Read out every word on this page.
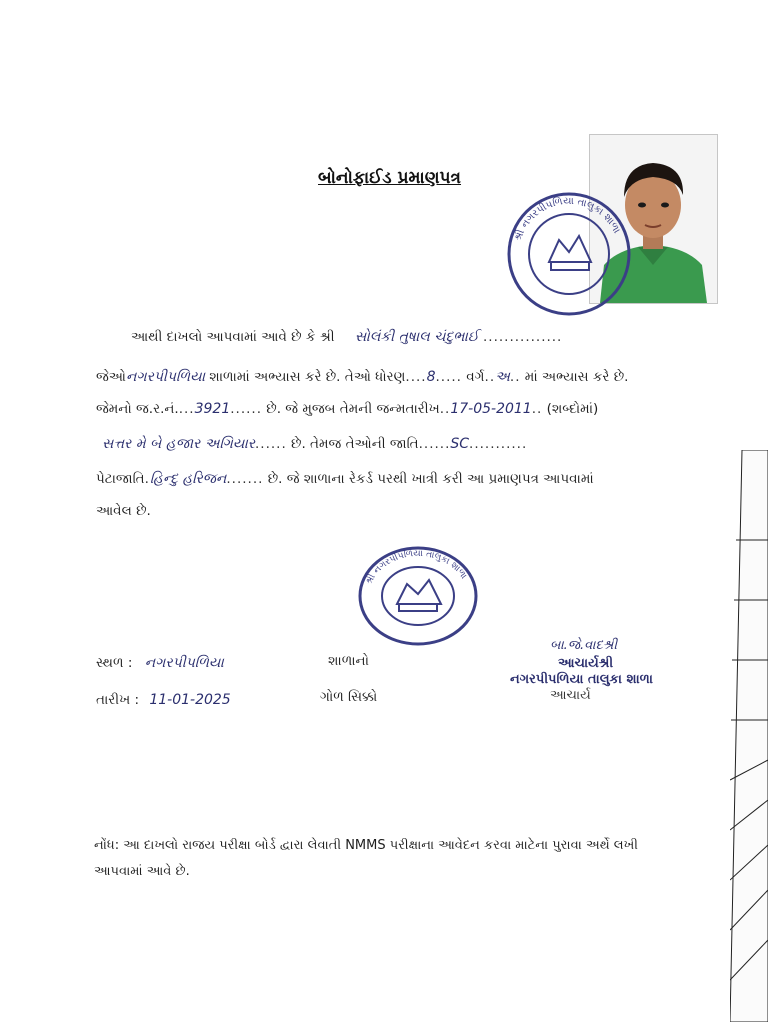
બોનોફાઈડ પ્રમાણપત્ર
શ્રી નગરપીપળિયા તાલુકા શાળા
આથી દાખલો આપવામાં આવે છે કે શ્રી સોલંકી તુષાલ ચંદુભાઈ ...............
જેઓનગરપીપળિયા શાળામાં અભ્યાસ કરે છે. તેઓ ધોરણ....8..... વર્ગ..અ.. માં અભ્યાસ કરે છે.
જેમનો જ.ર.નં....3921...... છે. જે મુજબ તેમની જન્મતારીખ..17-05-2011.. (શબ્દોમાં)
સત્તર મે બે હજાર અગિયાર...... છે. તેમજ તેઓની જાતિ......SC...........
પેટાજાતિ.હિન્દુ હરિજન....... છે. જે શાળાના રેકર્ડ પરથી ખાત્રી કરી આ પ્રમાણપત્ર આપવામાં
આવેલ છે.
શ્રી નગરપીપળિયા તાલુકા શાળા
સ્થળ : નગરપીપળિયા
તારીખ : 11-01-2025
શાળાનો
ગોળ સિક્કો
બા.જે.વાદશ્રી
આચાર્યશ્રી
નગરપીપળિયા તાલુકા શાળા
આચાર્ય
નોંધ: આ દાખલો રાજય પરીક્ષા બોર્ડ દ્વારા લેવાતી NMMS પરીક્ષાના આવેદન કરવા માટેના પુરાવા અર્થે લખી
આપવામાં આવે છે.
